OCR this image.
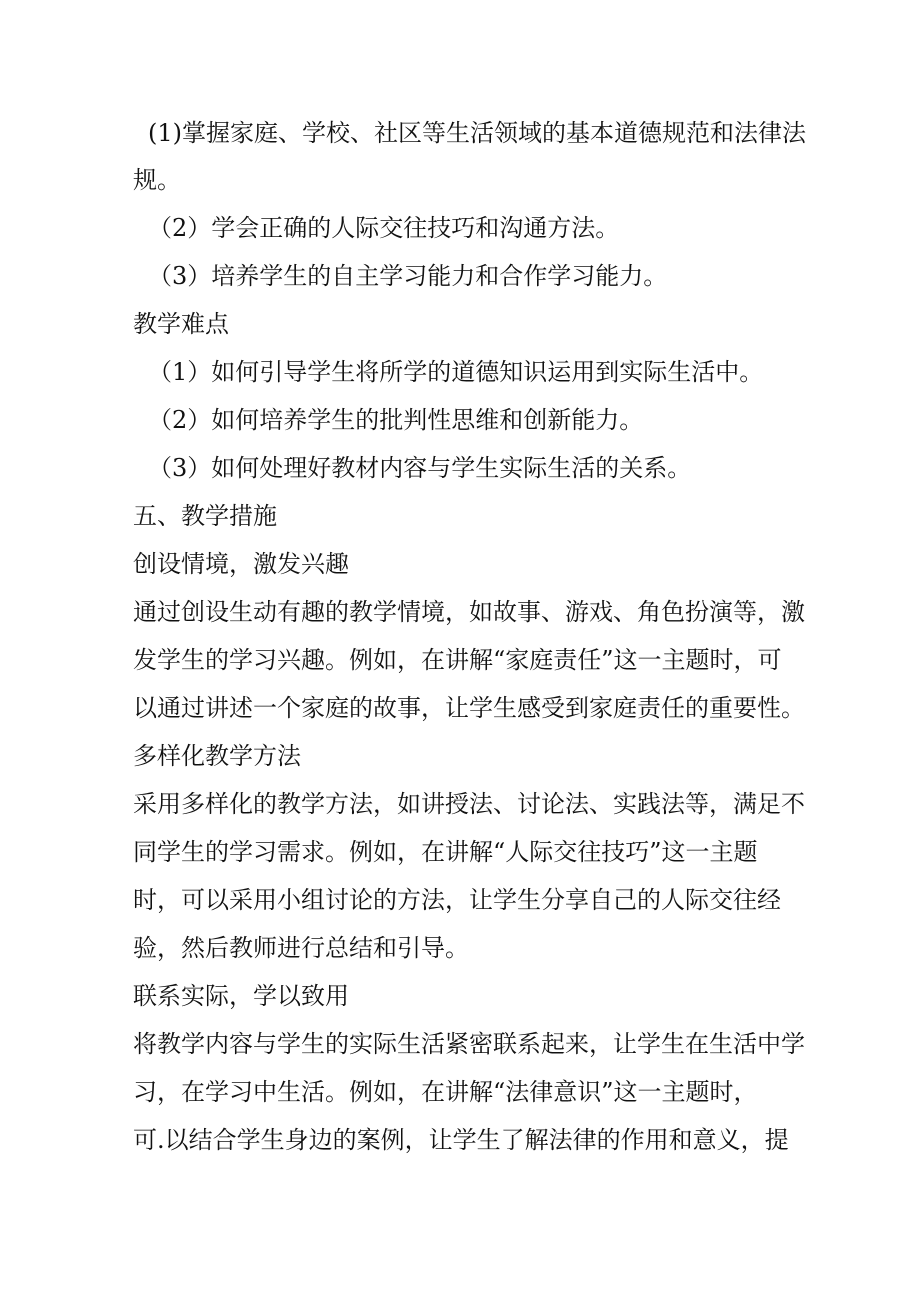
(1)掌握家庭、学校、社区等生活领域的基本道德规范和法律法
规。
（2）学会正确的人际交往技巧和沟通方法。
（3）培养学生的自主学习能力和合作学习能力。
教学难点
（1）如何引导学生将所学的道德知识运用到实际生活中。
（2）如何培养学生的批判性思维和创新能力。
（3）如何处理好教材内容与学生实际生活的关系。
五、教学措施
创设情境，激发兴趣
通过创设生动有趣的教学情境，如故事、游戏、角色扮演等，激
发学生的学习兴趣。例如，在讲解“家庭责任”这一主题时，可
以通过讲述一个家庭的故事，让学生感受到家庭责任的重要性。
多样化教学方法
采用多样化的教学方法，如讲授法、讨论法、实践法等，满足不
同学生的学习需求。例如，在讲解“人际交往技巧”这一主题
时，可以采用小组讨论的方法，让学生分享自己的人际交往经
验，然后教师进行总结和引导。
联系实际，学以致用
将教学内容与学生的实际生活紧密联系起来，让学生在生活中学
习，在学习中生活。例如，在讲解“法律意识”这一主题时，
可.以结合学生身边的案例，让学生了解法律的作用和意义，提
